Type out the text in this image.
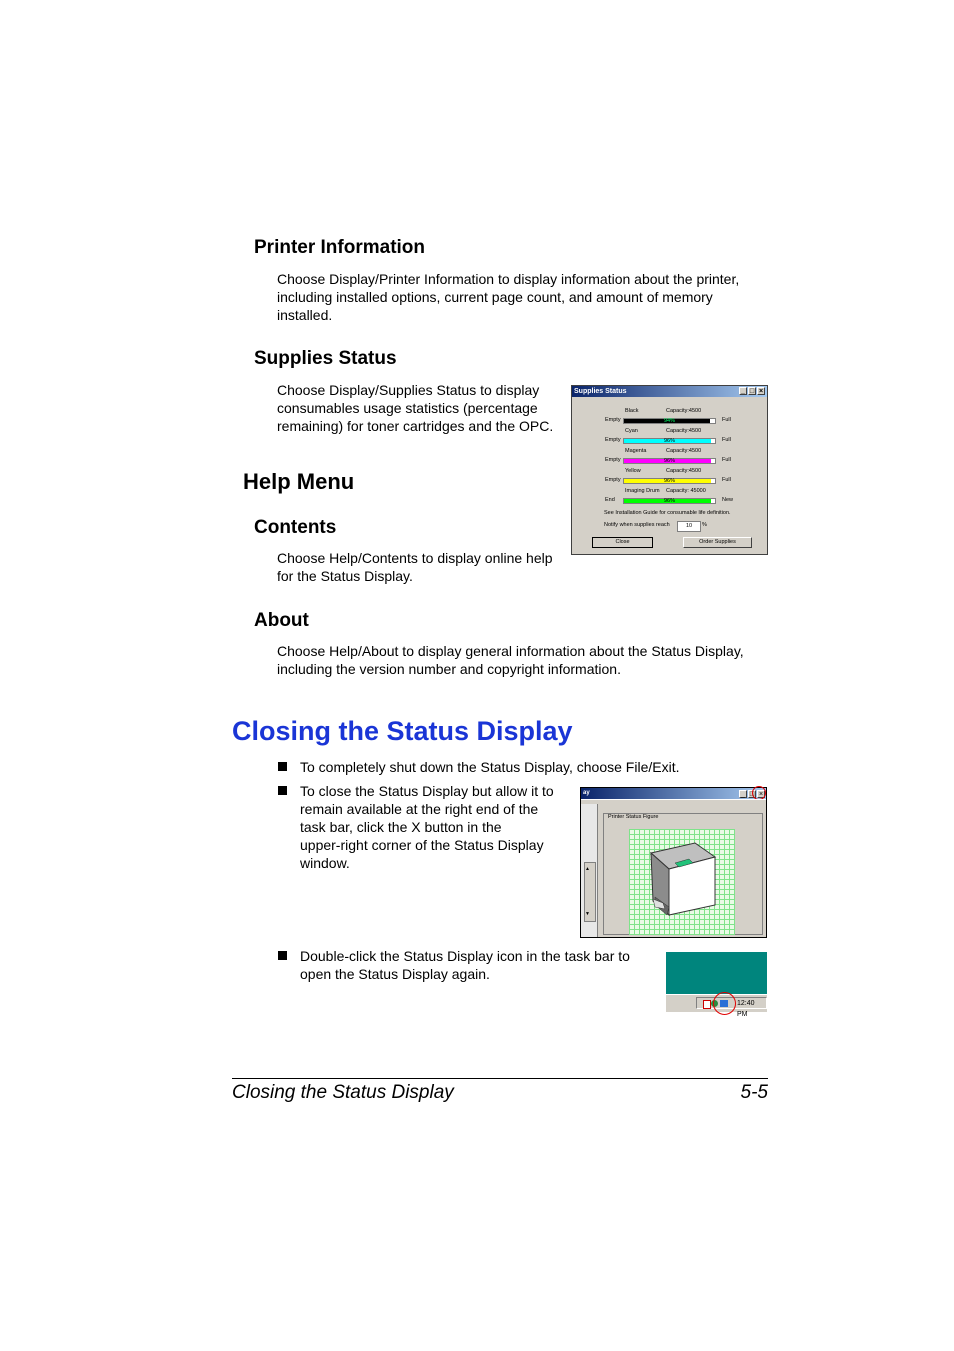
Printer Information
Choose Display/Printer Information to display information about the printer,
including installed options, current page count, and amount of memory
installed.
Supplies Status
Choose Display/Supplies Status to display
consumables usage statistics (percentage
remaining) for toner cartridges and the OPC.
Supplies Status	_ □ ×
Black	Capacity:4500
Empty	94%	Full
Cyan	Capacity:4500
Empty	96%	Full
Magenta	Capacity:4500
Empty	96%	Full
Yellow	Capacity:4500
Empty	96%	Full
Imaging Drum Capacity: 45000
End	96%	New
See Installation Guide for consumable life definition.
Notify when supplies reach	10	%
Close	Order Supplies
Help Menu
Contents
Choose Help/Contents to display online help
for the Status Display.
About
Choose Help/About to display general information about the Status Display,
including the version number and copyright information.
Closing the Status Display
To completely shut down the Status Display, choose File/Exit.
To close the Status Display but allow it to
remain available at the right end of the
task bar, click the X button in the
upper-right corner of the Status Display
window.
ay	_ □ ×
▲
▼
Printer Status Figure
Double-click the Status Display icon in the task bar to
open the Status Display again.
12:40 PM
Closing the Status Display	5-5
